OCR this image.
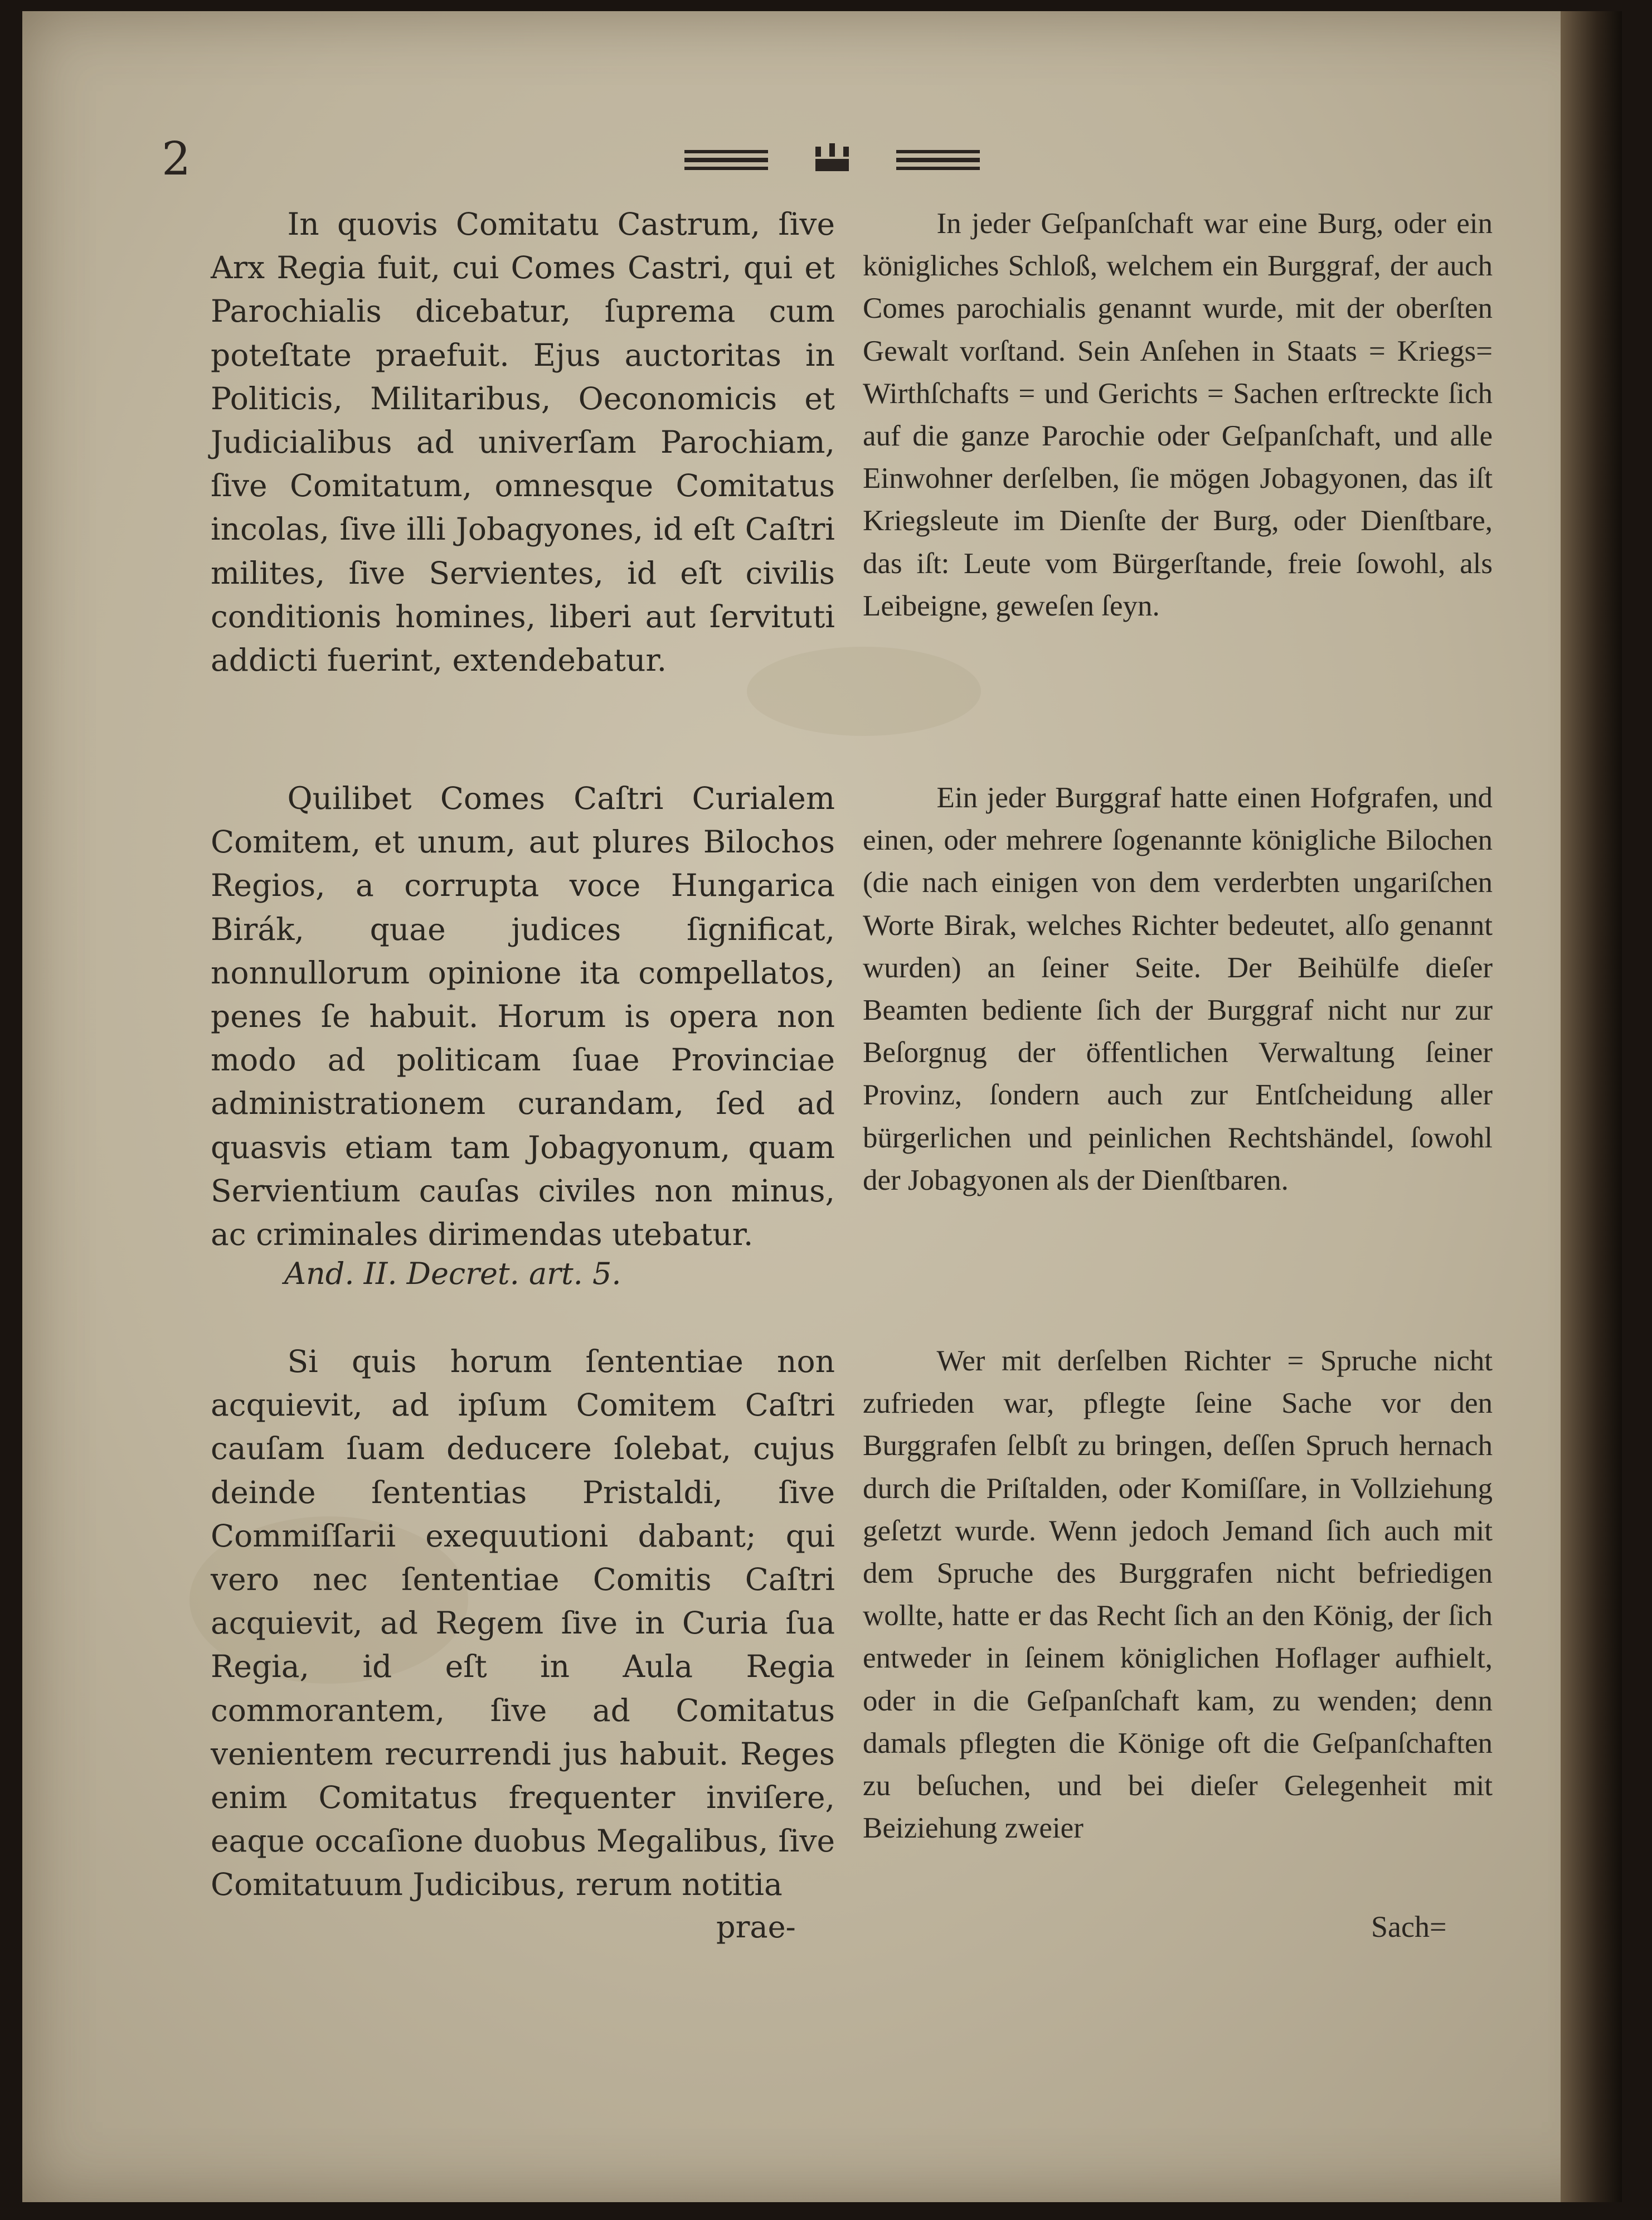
2

In quovis Comitatu Castrum, ſive Arx Regia fuit, cui Comes Castri, qui et Parochialis dicebatur, ſuprema cum poteſtate praefuit. Ejus auctoritas in Politicis, Militaribus, Oeconomicis et Judicialibus ad univerſam Parochiam, ſive Comitatum, omnesque Comitatus incolas, ſive illi Jobagyones, id eſt Caſtri milites, ſive Servientes, id eſt civilis conditionis homines, liberi aut ſervituti addicti fuerint, extendebatur.

Quilibet Comes Caſtri Curialem Comitem, et unum, aut plures Bilochos Regios, a corrupta voce Hungarica Birák, quae judices ſignificat, nonnullorum opinione ita compellatos, penes ſe habuit. Horum is opera non modo ad politicam ſuae Provinciae administrationem curandam, ſed ad quasvis etiam tam Jobagyonum, quam Servientium cauſas civiles non minus, ac criminales dirimendas utebatur.

And. II. Decret. art. 5.

Si quis horum ſententiae non acquievit, ad ipſum Comitem Caſtri cauſam ſuam deducere ſolebat, cujus deinde ſententias Pristaldi, ſive Commiſſarii exequutioni dabant; qui vero nec ſententiae Comitis Caſtri acquievit, ad Regem ſive in Curia ſua Regia, id eſt in Aula Regia commorantem, ſive ad Comitatus venientem recurrendi jus habuit. Reges enim Comitatus frequenter inviſere, eaque occaſione duobus Megalibus, ſive Comitatuum Judicibus, rerum notitia

prae-

In jeder Geſpanſchaft war eine Burg, oder ein königliches Schloß, welchem ein Burggraf, der auch Comes parochialis genannt wurde, mit der oberſten Gewalt vorſtand. Sein Anſehen in Staats = Kriegs= Wirthſchafts = und Gerichts = Sachen erſtreckte ſich auf die ganze Parochie oder Geſpanſchaft, und alle Einwohner derſelben, ſie mögen Jobagyonen, das iſt Kriegsleute im Dienſte der Burg, oder Dienſtbare, das iſt: Leute vom Bürgerſtande, freie ſowohl, als Leibeigne, geweſen ſeyn.

Ein jeder Burggraf hatte einen Hofgrafen, und einen, oder mehrere ſogenannte königliche Bilochen (die nach einigen von dem verderbten ungariſchen Worte Birak, welches Richter bedeutet, alſo genannt wurden) an ſeiner Seite. Der Beihülfe dieſer Beamten bediente ſich der Burggraf nicht nur zur Beſorgnug der öffentlichen Verwaltung ſeiner Provinz, ſondern auch zur Entſcheidung aller bürgerlichen und peinlichen Rechtshändel, ſowohl der Jobagyonen als der Dienſtbaren.

Wer mit derſelben Richter = Spruche nicht zufrieden war, pflegte ſeine Sache vor den Burggrafen ſelbſt zu bringen, deſſen Spruch hernach durch die Priſtalden, oder Komiſſare, in Vollziehung geſetzt wurde. Wenn jedoch Jemand ſich auch mit dem Spruche des Burggrafen nicht befriedigen wollte, hatte er das Recht ſich an den König, der ſich entweder in ſeinem königlichen Hoflager aufhielt, oder in die Geſpanſchaft kam, zu wenden; denn damals pflegten die Könige oft die Geſpanſchaften zu beſuchen, und bei dieſer Gelegenheit mit Beiziehung zweier

Sach=
